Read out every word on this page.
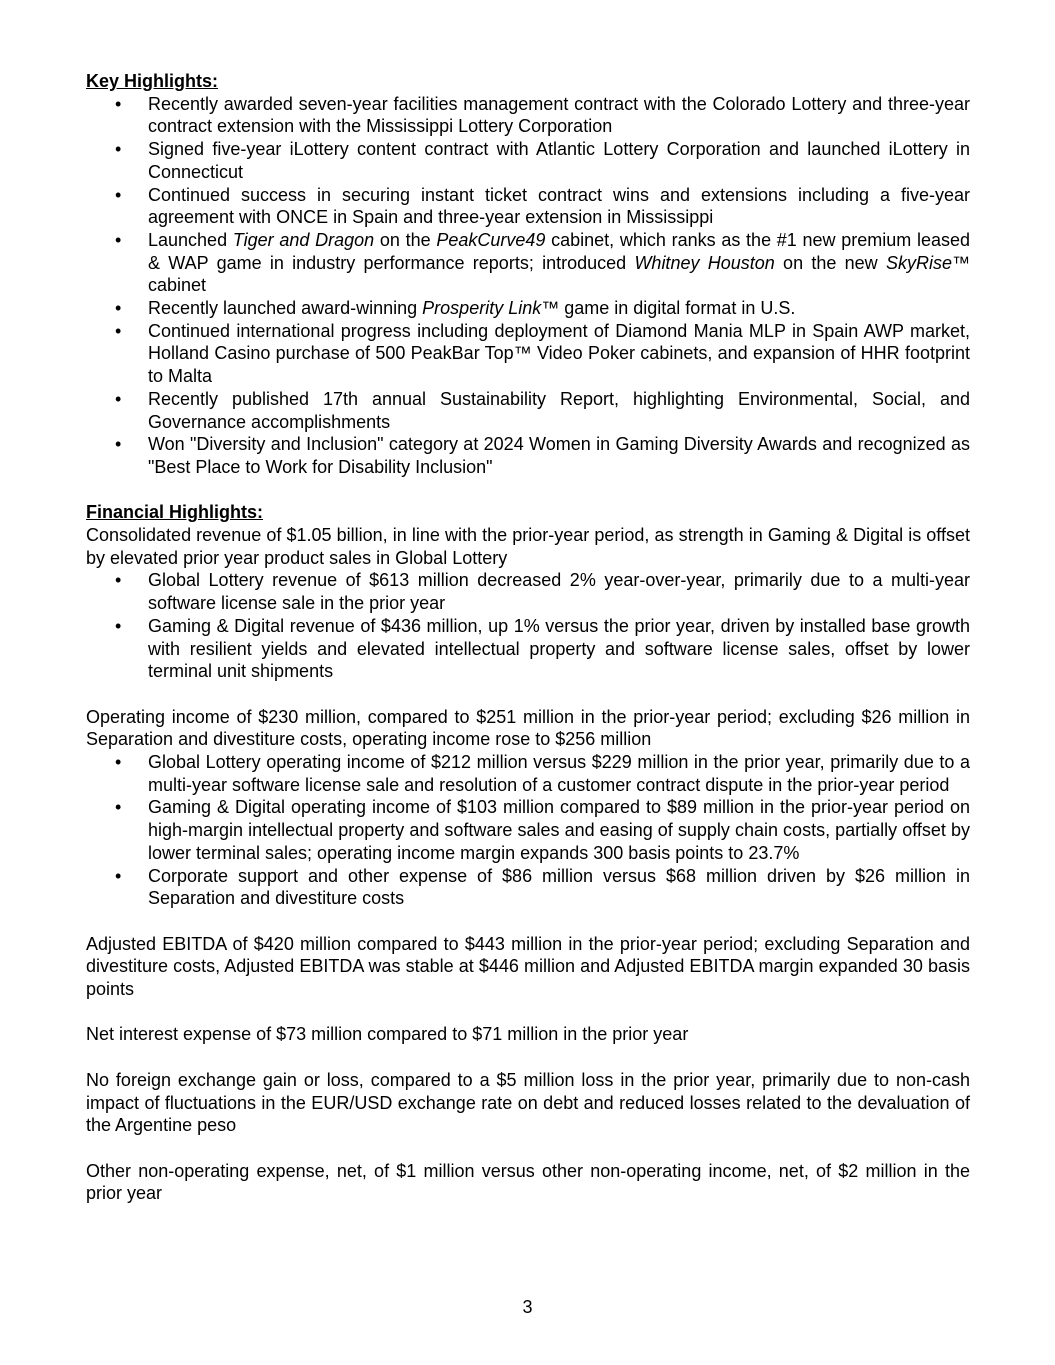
Key Highlights:

• Recently awarded seven-year facilities management contract with the Colorado Lottery and three-year contract extension with the Mississippi Lottery Corporation
• Signed five-year iLottery content contract with Atlantic Lottery Corporation and launched iLottery in Connecticut
• Continued success in securing instant ticket contract wins and extensions including a five-year agreement with ONCE in Spain and three-year extension in Mississippi
• Launched Tiger and Dragon on the PeakCurve49 cabinet, which ranks as the #1 new premium leased & WAP game in industry performance reports; introduced Whitney Houston on the new SkyRise™ cabinet
• Recently launched award-winning Prosperity Link™ game in digital format in U.S.
• Continued international progress including deployment of Diamond Mania MLP in Spain AWP market, Holland Casino purchase of 500 PeakBar Top™ Video Poker cabinets, and expansion of HHR footprint to Malta
• Recently published 17th annual Sustainability Report, highlighting Environmental, Social, and Governance accomplishments
• Won "Diversity and Inclusion" category at 2024 Women in Gaming Diversity Awards and recognized as "Best Place to Work for Disability Inclusion"

Financial Highlights:

Consolidated revenue of $1.05 billion, in line with the prior-year period, as strength in Gaming & Digital is offset by elevated prior year product sales in Global Lottery

• Global Lottery revenue of $613 million decreased 2% year-over-year, primarily due to a multi-year software license sale in the prior year
• Gaming & Digital revenue of $436 million, up 1% versus the prior year, driven by installed base growth with resilient yields and elevated intellectual property and software license sales, offset by lower terminal unit shipments

Operating income of $230 million, compared to $251 million in the prior-year period; excluding $26 million in Separation and divestiture costs, operating income rose to $256 million

• Global Lottery operating income of $212 million versus $229 million in the prior year, primarily due to a multi-year software license sale and resolution of a customer contract dispute in the prior-year period
• Gaming & Digital operating income of $103 million compared to $89 million in the prior-year period on high-margin intellectual property and software sales and easing of supply chain costs, partially offset by lower terminal sales; operating income margin expands 300 basis points to 23.7%
• Corporate support and other expense of $86 million versus $68 million driven by $26 million in Separation and divestiture costs

Adjusted EBITDA of $420 million compared to $443 million in the prior-year period; excluding Separation and divestiture costs, Adjusted EBITDA was stable at $446 million and Adjusted EBITDA margin expanded 30 basis points

Net interest expense of $73 million compared to $71 million in the prior year

No foreign exchange gain or loss, compared to a $5 million loss in the prior year, primarily due to non-cash impact of fluctuations in the EUR/USD exchange rate on debt and reduced losses related to the devaluation of the Argentine peso

Other non-operating expense, net, of $1 million versus other non-operating income, net, of $2 million in the prior year

3
